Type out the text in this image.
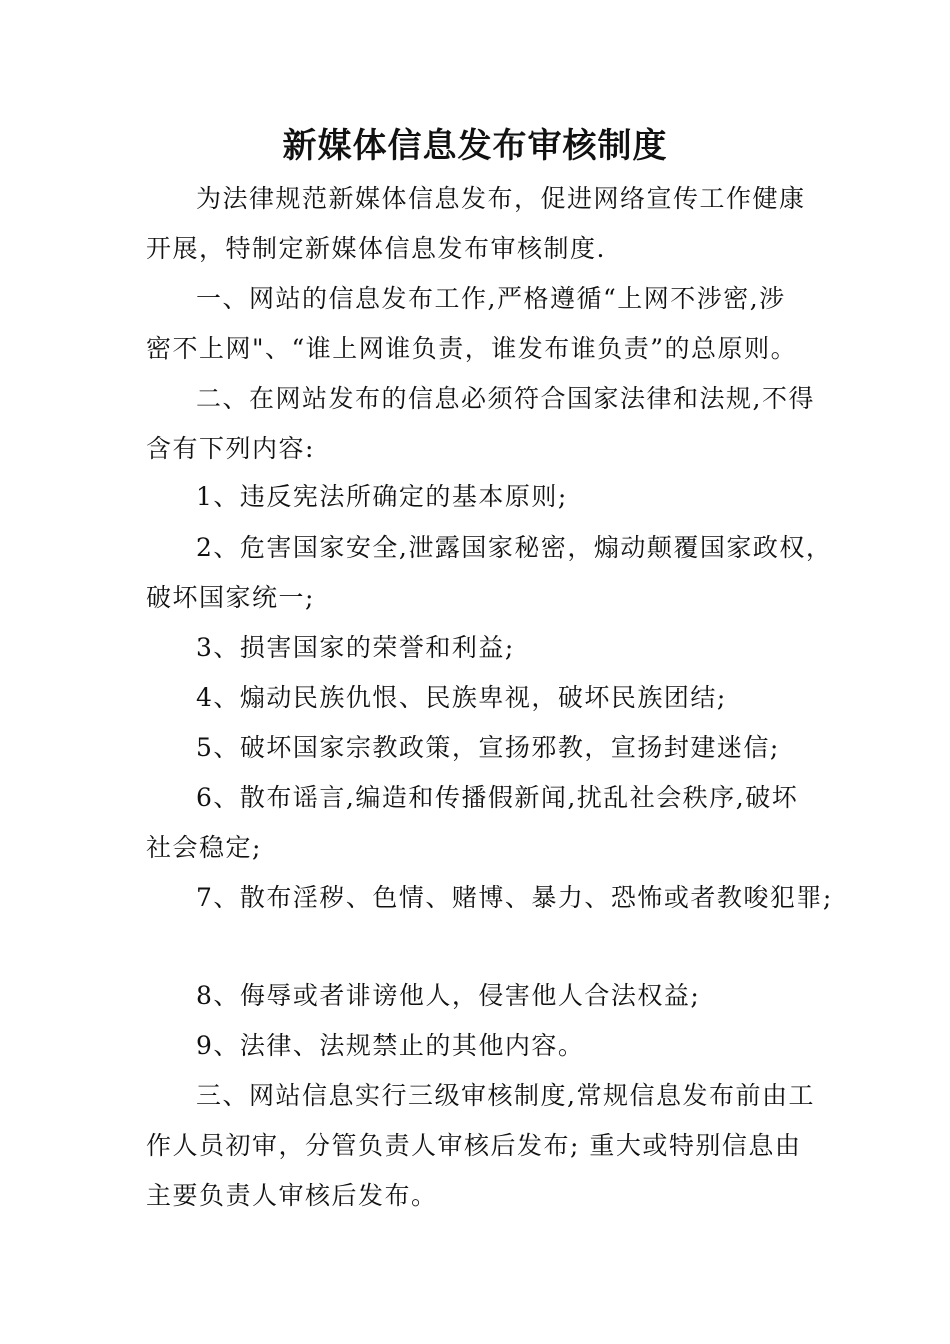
新媒体信息发布审核制度
为法律规范新媒体信息发布，促进网络宣传工作健康
开展，特制定新媒体信息发布审核制度.
一、网站的信息发布工作,严格遵循“上网不涉密,涉
密不上网"、“谁上网谁负责，谁发布谁负责”的总原则。
二、在网站发布的信息必须符合国家法律和法规,不得
含有下列内容:
1、违反宪法所确定的基本原则;
2、危害国家安全,泄露国家秘密，煽动颠覆国家政权，
破坏国家统一;
3、损害国家的荣誉和利益;
4、煽动民族仇恨、民族卑视，破坏民族团结;
5、破坏国家宗教政策，宣扬邪教，宣扬封建迷信;
6、散布谣言,编造和传播假新闻,扰乱社会秩序,破坏
社会稳定;
7、散布淫秽、色情、赌博、暴力、恐怖或者教唆犯罪;
8、侮辱或者诽谤他人，侵害他人合法权益;
9、法律、法规禁止的其他内容。
三、网站信息实行三级审核制度,常规信息发布前由工
作人员初审，分管负责人审核后发布; 重大或特别信息由
主要负责人审核后发布。
